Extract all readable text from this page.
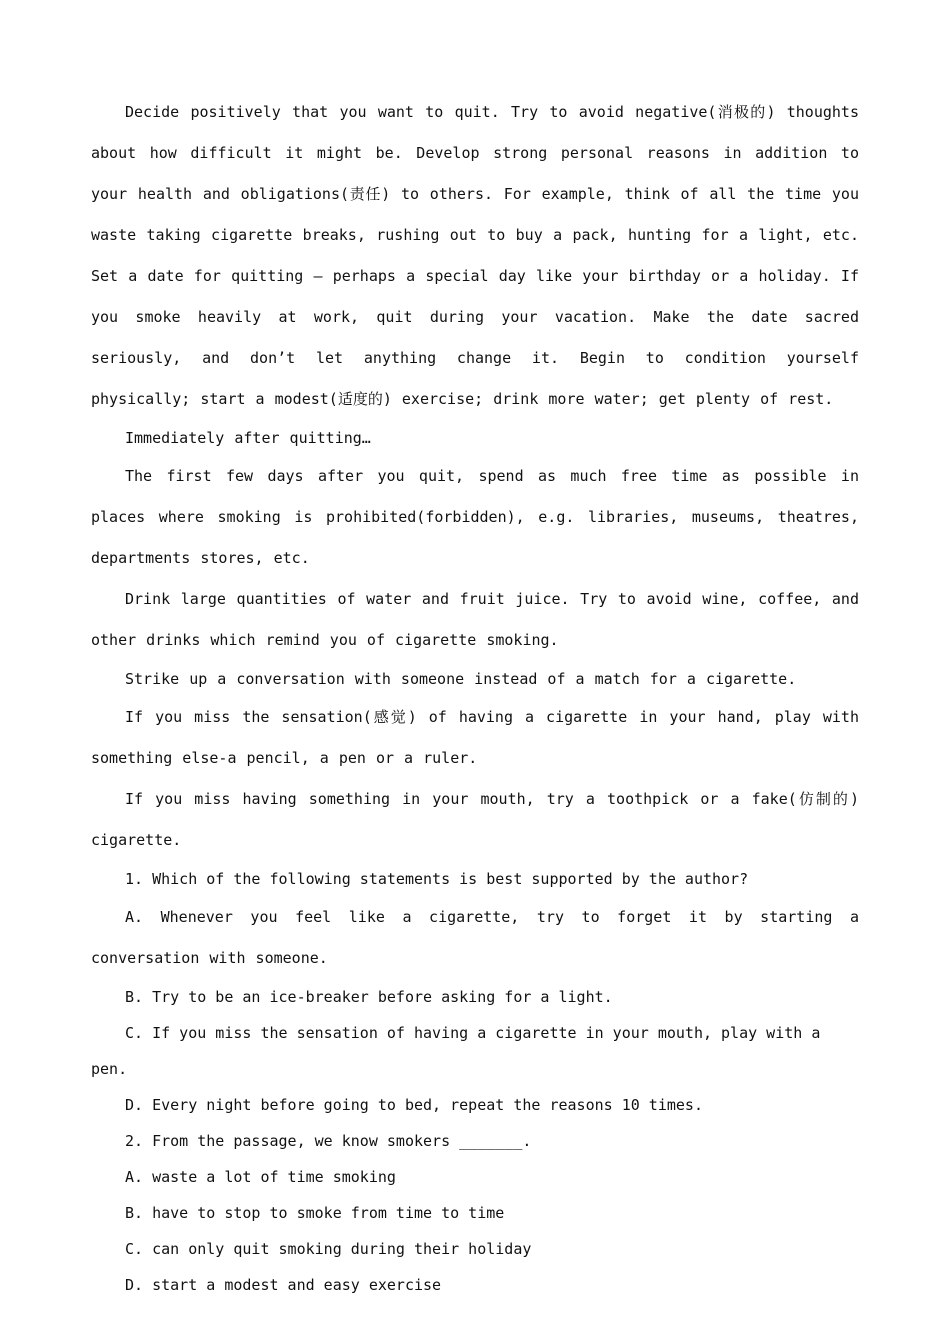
Decide positively that you want to quit. Try to avoid negative(消极的) thoughts about how difficult it might be. Develop strong personal reasons in addition to your health and obligations(责任) to others. For example, think of all the time you waste taking cigarette breaks, rushing out to buy a pack, hunting for a light, etc. Set a date for quitting — perhaps a special day like your birthday or a holiday. If you smoke heavily at work, quit during your vacation. Make the date sacred seriously, and don’t let anything change it. Begin to condition yourself physically; start a modest(适度的) exercise; drink more water; get plenty of rest.

Immediately after quitting…

The first few days after you quit, spend as much free time as possible in places where smoking is prohibited(forbidden), e.g. libraries, museums, theatres, departments stores, etc.

Drink large quantities of water and fruit juice. Try to avoid wine, coffee, and other drinks which remind you of cigarette smoking.

Strike up a conversation with someone instead of a match for a cigarette.

If you miss the sensation(感觉) of having a cigarette in your hand, play with something else-a pencil, a pen or a ruler.

If you miss having something in your mouth, try a toothpick or a fake(仿制的) cigarette.

1. Which of the following statements is best supported by the author?

A. Whenever you feel like a cigarette, try to forget it by starting a conversation with someone.

B. Try to be an ice-breaker before asking for a light.

C. If you miss the sensation of having a cigarette in your mouth, play with a pen.

D. Every night before going to bed, repeat the reasons 10 times.

2. From the passage, we know smokers _______.

A. waste a lot of time smoking

B. have to stop to smoke from time to time

C. can only quit smoking during their holiday

D. start a modest and easy exercise
